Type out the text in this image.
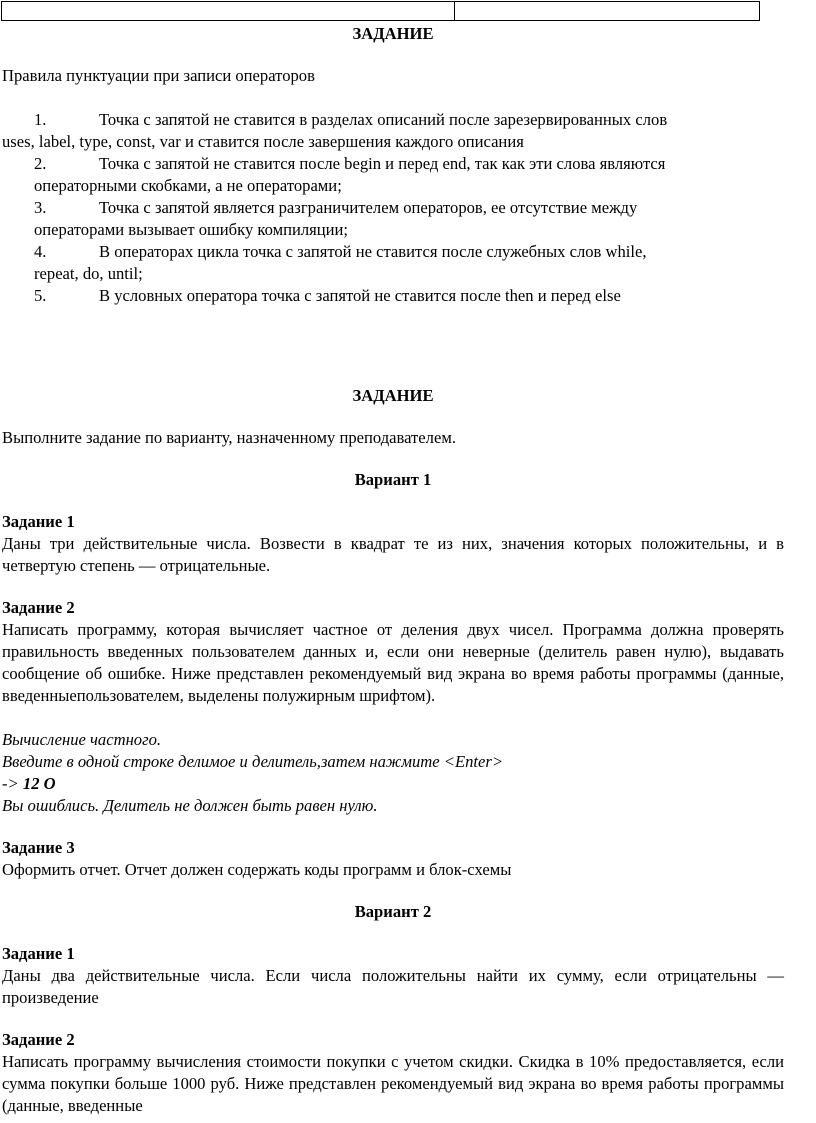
ЗАДАНИЕ
Правила пунктуации при записи операторов
1.	Точка с запятой не ставится в разделах описаний после зарезервированных слов
uses, label, type, const, var и ставится после завершения каждого описания
2.	Точка с запятой не ставится после begin и перед end, так как эти слова являются
операторными скобками, а не операторами;
3.	Точка с запятой является разграничителем операторов, ее отсутствие между
операторами вызывает ошибку компиляции;
4.	В операторах цикла точка с запятой не ставится после служебных слов while,
repeat, do, until;
5.	В условных оператора точка с запятой не ставится после then и перед else
ЗАДАНИЕ
Выполните задание по варианту, назначенному преподавателем.
Вариант 1
Задание 1
Даны три действительные числа. Возвести в квадрат те из них, значения которых положительны, и в четвертую степень — отрицательные.
Задание 2
Написать программу, которая вычисляет частное от деления двух чисел. Программа должна проверять правильность введенных пользователем данных и, если они неверные (делитель равен нулю), выдавать сообщение об ошибке. Ниже представлен рекомендуемый вид экрана во время работы программы (данные, введенныепользователем, выделены полужирным шрифтом).
Вычисление частного.
Введите в одной строке делимое и делитель,затем нажмите <Enter>
-> 12 O
Вы ошиблись. Делитель не должен быть равен нулю.
Задание 3
Оформить отчет. Отчет должен содержать коды программ и блок-схемы
Вариант 2
Задание 1
Даны два действительные числа. Если числа положительны найти их сумму, если отрицательны — произведение
Задание 2
Написать программу вычисления стоимости покупки с учетом скидки. Скидка в 10% предоставляется, если сумма покупки больше 1000 руб. Ниже представлен рекомендуемый вид экрана во время работы программы (данные, введенные
